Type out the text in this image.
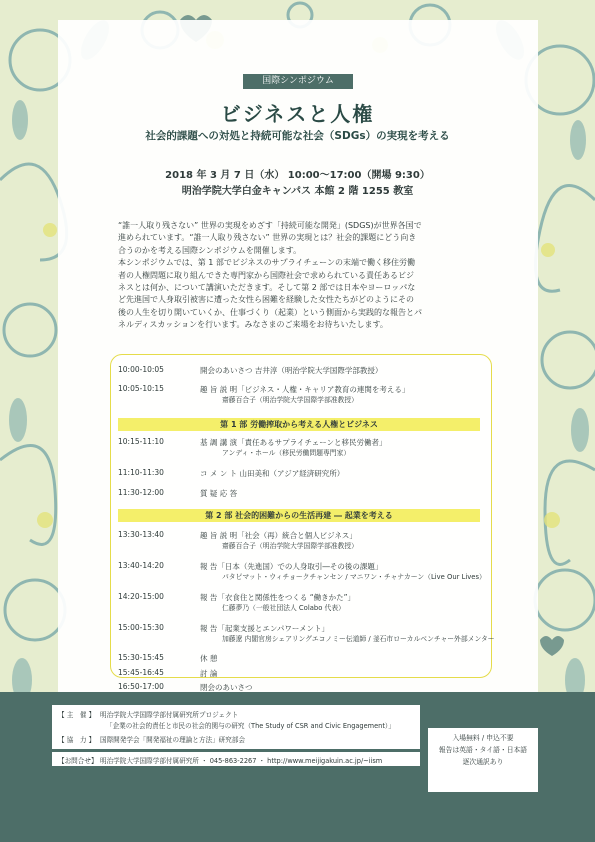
国際シンポジウム
ビジネスと人権
社会的課題への対処と持続可能な社会（SDGs）の実現を考える
2018 年 3 月 7 日（水） 10:00～17:00（開場 9:30）
明治学院大学白金キャンパス 本館 2 階 1255 教室

“誰一人取り残さない” 世界の実現をめざす「持続可能な開発」(SDGS)が世界各国で

進められています。“誰一人取り残さない” 世界の実現とは？社会的課題にどう向き

合うのかを考える国際シンポジウムを開催します。

本シンポジウムでは、第 1 部でビジネスのサプライチェーンの末端で働く移住労働

者の人権問題に取り組んできた専門家から国際社会で求められている責任あるビジ

ネスとは何か、について講演いただきます。そして第 2 部では日本やヨーロッパな

ど先進国で人身取引被害に遭った女性ら困難を経験した女性たちがどのようにその

後の人生を切り開いていくか、仕事づくり（起業）という側面から実践的な報告とパ

ネルディスカッションを行います。みなさまのご来場をお待ちいたします。

10:00-10:05	開会のあいさつ 吉井淳（明治学院大学国際学部教授）
10:05-10:15	趣 旨 説 明「ビジネス・人権・キャリア教育の連関を考える」
齋藤百合子（明治学院大学国際学部准教授）
第 1 部 労働搾取から考える人権とビジネス
10:15-11:10	基 調 講 演「責任あるサプライチェーンと移民労働者」
アンディ・ホール（移民労働問題専門家）
11:10-11:30	コ メ ン ト 山田美和（アジア経済研究所）
11:30-12:00	質 疑 応 答
第 2 部 社会的困難からの生活再建 ― 起業を考える
13:30-13:40	趣 旨 説 明「社会（再）統合と個人ビジネス」
齋藤百合子（明治学院大学国際学部准教授）
13:40-14:20	報 告「日本（先進国）での人身取引―その後の課題」
パタピマット・ウィチョークチャンセン / マニワン・チャナカーン（Live Our Lives）
14:20-15:00	報 告「衣食住と関係性をつくる “働きかた”」
仁藤夢乃（一般社団法人 Colabo 代表）
15:00-15:30	報 告「起業支援とエンパワーメント」
加藤遼 内閣官房シェアリングエコノミー伝道師 / 釜石市ローカルベンチャー外部メンター
15:30-15:45	休 憩
15:45-16:45	討 論
16:50-17:00	閉会のあいさつ
【 主　催 】 明治学院大学国際学部付属研究所プロジェクト
「企業の社会的責任と市民の社会的関与の研究（The Study of CSR and Civic Engagement）」
【 協　力 】 国際開発学会「開発福祉の理論と方法」研究部会
【お問合せ】 明治学院大学国際学部付属研究所 ・ 045-863-2267 ・ http://www.meijigakuin.ac.jp/~iism
入場無料 / 申込不要
報告は英語・タイ語・日本語
逐次通訳あり
